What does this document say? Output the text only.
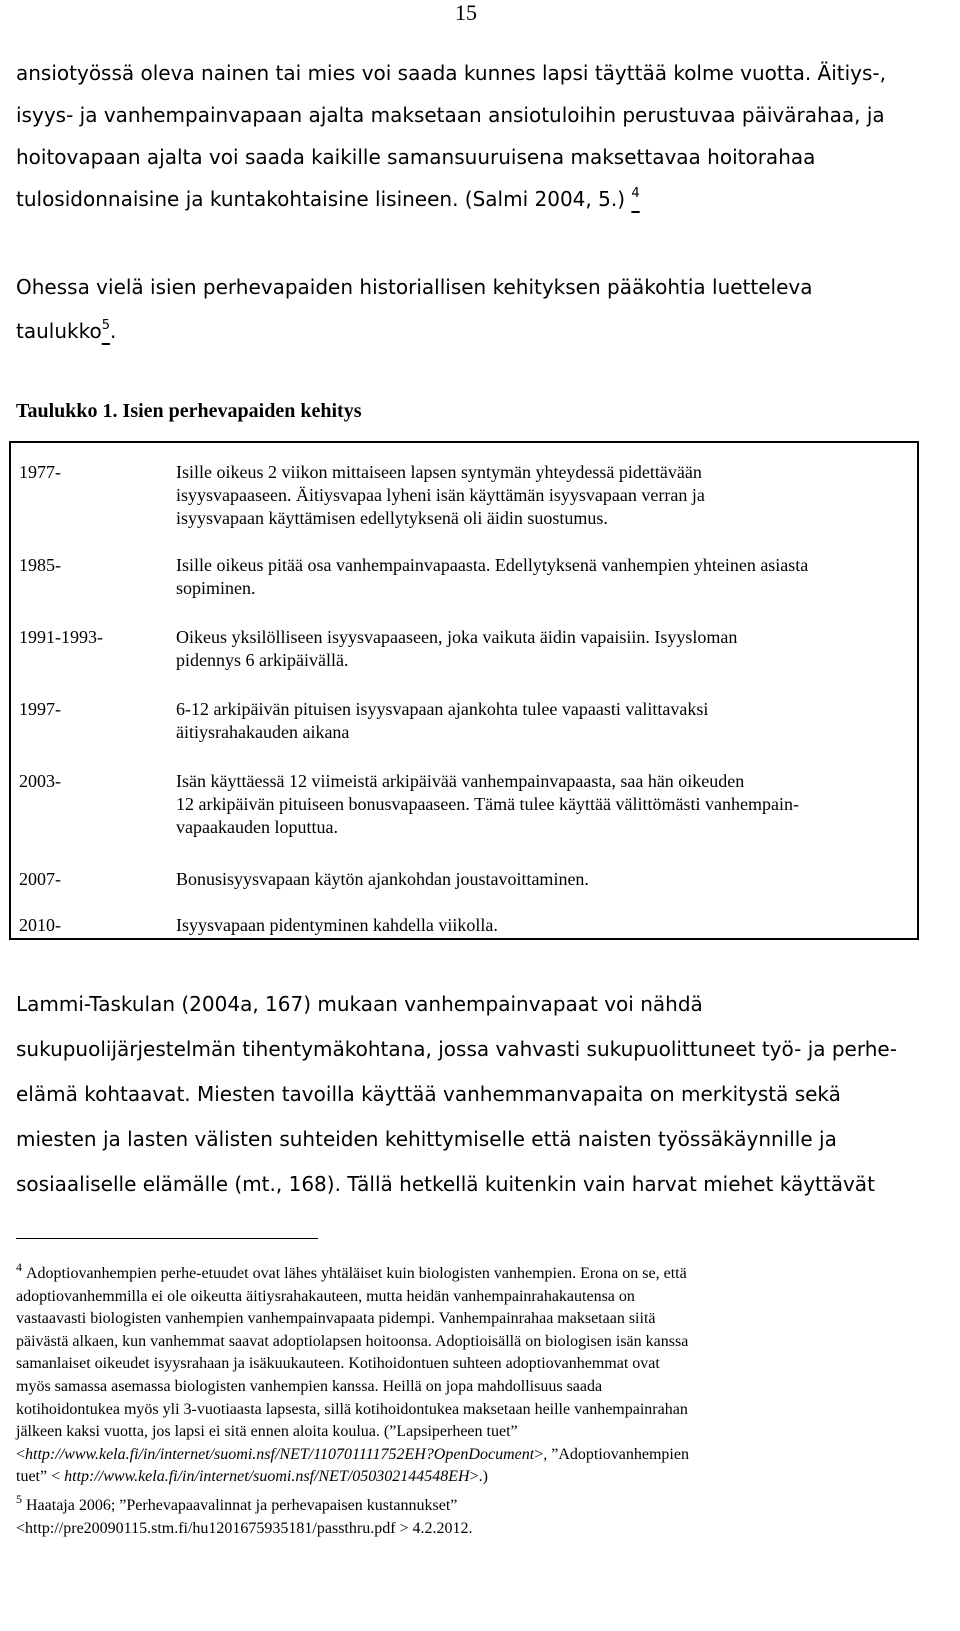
15

ansiotyössä oleva nainen tai mies voi saada kunnes lapsi täyttää kolme vuotta. Äitiys-,

isyys- ja vanhempainvapaan ajalta maksetaan ansiotuloihin perustuvaa päivärahaa, ja

hoitovapaan ajalta voi saada kaikille samansuuruisena maksettavaa hoitorahaa

tulosidonnaisine ja kuntakohtaisine lisineen. (Salmi 2004, 5.) 4

Ohessa vielä isien perhevapaiden historiallisen kehityksen pääkohtia luetteleva

taulukko5.

Taulukko 1. Isien perhevapaiden kehitys
1977-	Isille oikeus 2 viikon mittaiseen lapsen syntymän yhteydessä pidettävään
isyysvapaaseen. Äitiysvapaa lyheni isän käyttämän isyysvapaan verran ja
isyysvapaan käyttämisen edellytyksenä oli äidin suostumus.
1985-	Isille oikeus pitää osa vanhempainvapaasta. Edellytyksenä vanhempien yhteinen asiasta
sopiminen.
1991-1993-	Oikeus yksilölliseen isyysvapaaseen, joka vaikuta äidin vapaisiin. Isyysloman
pidennys 6 arkipäivällä.
1997-	6-12 arkipäivän pituisen isyysvapaan ajankohta tulee vapaasti valittavaksi
äitiysrahakauden aikana
2003-	Isän käyttäessä 12 viimeistä arkipäivää vanhempainvapaasta, saa hän oikeuden
12 arkipäivän pituiseen bonusvapaaseen. Tämä tulee käyttää välittömästi vanhempain-
vapaakauden loputtua.
2007-	Bonusisyysvapaan käytön ajankohdan joustavoittaminen.
2010-	Isyysvapaan pidentyminen kahdella viikolla.

Lammi-Taskulan (2004a, 167) mukaan vanhempainvapaat voi nähdä

sukupuolijärjestelmän tihentymäkohtana, jossa vahvasti sukupuolittuneet työ- ja perhe-

elämä kohtaavat. Miesten tavoilla käyttää vanhemmanvapaita on merkitystä sekä

miesten ja lasten välisten suhteiden kehittymiselle että naisten työssäkäynnille ja

sosiaaliselle elämälle (mt., 168). Tällä hetkellä kuitenkin vain harvat miehet käyttävät

$^4$ Adoptiovanhempien perhe-etuudet ovat lähes yhtäläiset kuin biologisten vanhempien. Erona on se, että

adoptiovanhemmilla ei ole oikeutta äitiysrahakauteen, mutta heidän vanhempainrahakautensa on

vastaavasti biologisten vanhempien vanhempainvapaata pidempi. Vanhempainrahaa maksetaan siitä

päivästä alkaen, kun vanhemmat saavat adoptiolapsen hoitoonsa. Adoptioisällä on biologisen isän kanssa

samanlaiset oikeudet isyysrahaan ja isäkuukauteen. Kotihoidontuen suhteen adoptiovanhemmat ovat

myös samassa asemassa biologisten vanhempien kanssa. Heillä on jopa mahdollisuus saada

kotihoidontukea myös yli 3-vuotiaasta lapsesta, sillä kotihoidontukea maksetaan heille vanhempainrahan

jälkeen kaksi vuotta, jos lapsi ei sitä ennen aloita koulua. (”Lapsiperheen tuet”

<http://www.kela.fi/in/internet/suomi.nsf/NET/110701111752EH?OpenDocument>, ”Adoptiovanhempien

tuet” < http://www.kela.fi/in/internet/suomi.nsf/NET/050302144548EH>.)

$^5$ Haataja 2006; ”Perhevapaavalinnat ja perhevapaisen kustannukset”

<http://pre20090115.stm.fi/hu1201675935181/passthru.pdf > 4.2.2012.
